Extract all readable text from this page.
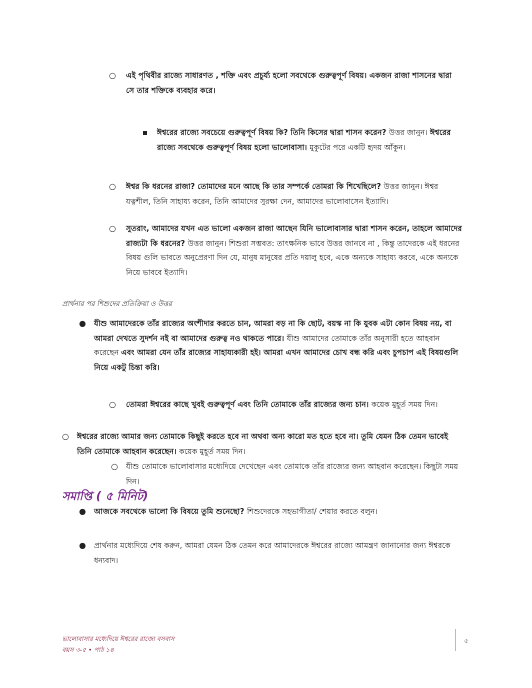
○ এই পৃথিবীর রাজ্যে সাধারণত , শক্তি এবং প্রচুর্য্য হলো সবথেকে গুরুত্বপূর্ণ বিষয়। একজন রাজা শাসনের দ্বারা সে তার শক্তিকে ব্যবহার করে।
ঈশ্বরের রাজ্যে সবচেয়ে গুরুত্বপূর্ণ বিষয় কি? তিনি কিসের দ্বারা শাসন করেন? উত্তর জানুন। ঈশ্বরের রাজ্যে সবথেকে গুরুত্বপূর্ণ বিষয় হলো ভালোবাসা। মুকুটের পরে একটি হৃদয় আঁকুন।
○ ঈশ্বর কি ধরনের রাজা? তোমাদের মনে আছে কি তার সম্পর্কে তোমরা কি শিখেছিলে? উত্তর জানুন। ঈশ্বর যত্নশীল, তিনি সাহায্য করেন, তিনি আমাদের সুরক্ষা দেন, আমাদের ভালোবাসেন ইত্যাদি।
○ সুতরাং, আমাদের যখন এত ভালো একজন রাজা আছেন যিনি ভালোবাসার দ্বারা শাসন করেন, তাহলে আমাদের রাজ্যটা কি ধরনের? উত্তর জানুন। শিশুরা সম্ভবত: তাৎক্ষনিক ভাবে উত্তর জানবে না , কিন্তু তাদেরকে এই ধরনের বিষয় গুলি ভাবতে অনুপ্রেরণা দিন যে, মানুষ মানুষের প্রতি দয়ালু হবে, একে অন্যকে সাহায্য করবে, একে অন্যকে নিয়ে ভাববে ইত্যাদি।
প্রার্থনার পর শিশুদের প্রতিক্রিয়া ও উত্তর
● যীশু আমাদেরকে তাঁর রাজ্যের অংশীদার করতে চান, আমরা বড় না কি ছোট, বয়স্ক না কি যুবক এটা কোন বিষয় নয়, বা আমরা দেখতে সুদর্শন নই বা আমাদের গুরুত্ব নও থাকতে পারে। যীশু আমাদের তোমাকে তাঁর অনুসারী হতে আহবান করেছেন এবং আমরা যেন তাঁর রাজ্যের সাহায্যকারী হই। আমরা এখন আমাদের চোখ বন্ধ করি এবং চুপচাপ এই বিষয়গুলি নিয়ে একটু চিন্তা করি।
○ তোমরা ঈশ্বরের কাছে খুবই গুরুত্বপূর্ণ এবং তিনি তোমাকে তাঁর রাজ্যের জন্য চান। কয়েক মুহূর্ত সময় দিন।
○ ঈশ্বরের রাজ্যে আমার জন্য তোমাকে কিছুই করতে হবে না অথবা অন্য কারো মত হতে হবে না। তুমি যেমন ঠিক তেমন ভাবেই তিনি তোমাকে আহবান করেছেন। কয়েক মুহূর্ত সময় দিন।
○ যীশু তোমাকে ভালোবাসার মধ্যেদিয়ে দেখেছেন এবং তোমাকে তাঁর রাজ্যের জন্য আহবান করেছেন। কিছুটা সময় দিন।
সমাপ্তি ( ৫ মিনিট)
● আজকে সবথেকে ভালো কি বিষয়ে তুমি শুনেছো? শিশুদেরকে সহভাগীতা/ শেয়ার করতে বলুন।
● প্রার্থনার মধ্যেদিয়ে শেষ করুন, আমরা যেমন ঠিক তেমন করে আমাদেরকে ঈশ্বরের রাজ্যে আমন্ত্রণ জানানোর জন্য ঈশ্বরকে ধন্যবাদ।
ভালোবাসার মধ্যেদিয়ে ঈশ্বরের রাজ্যে বসবাস
বয়স ৩-৫ • পাঠ ১৪
৫
